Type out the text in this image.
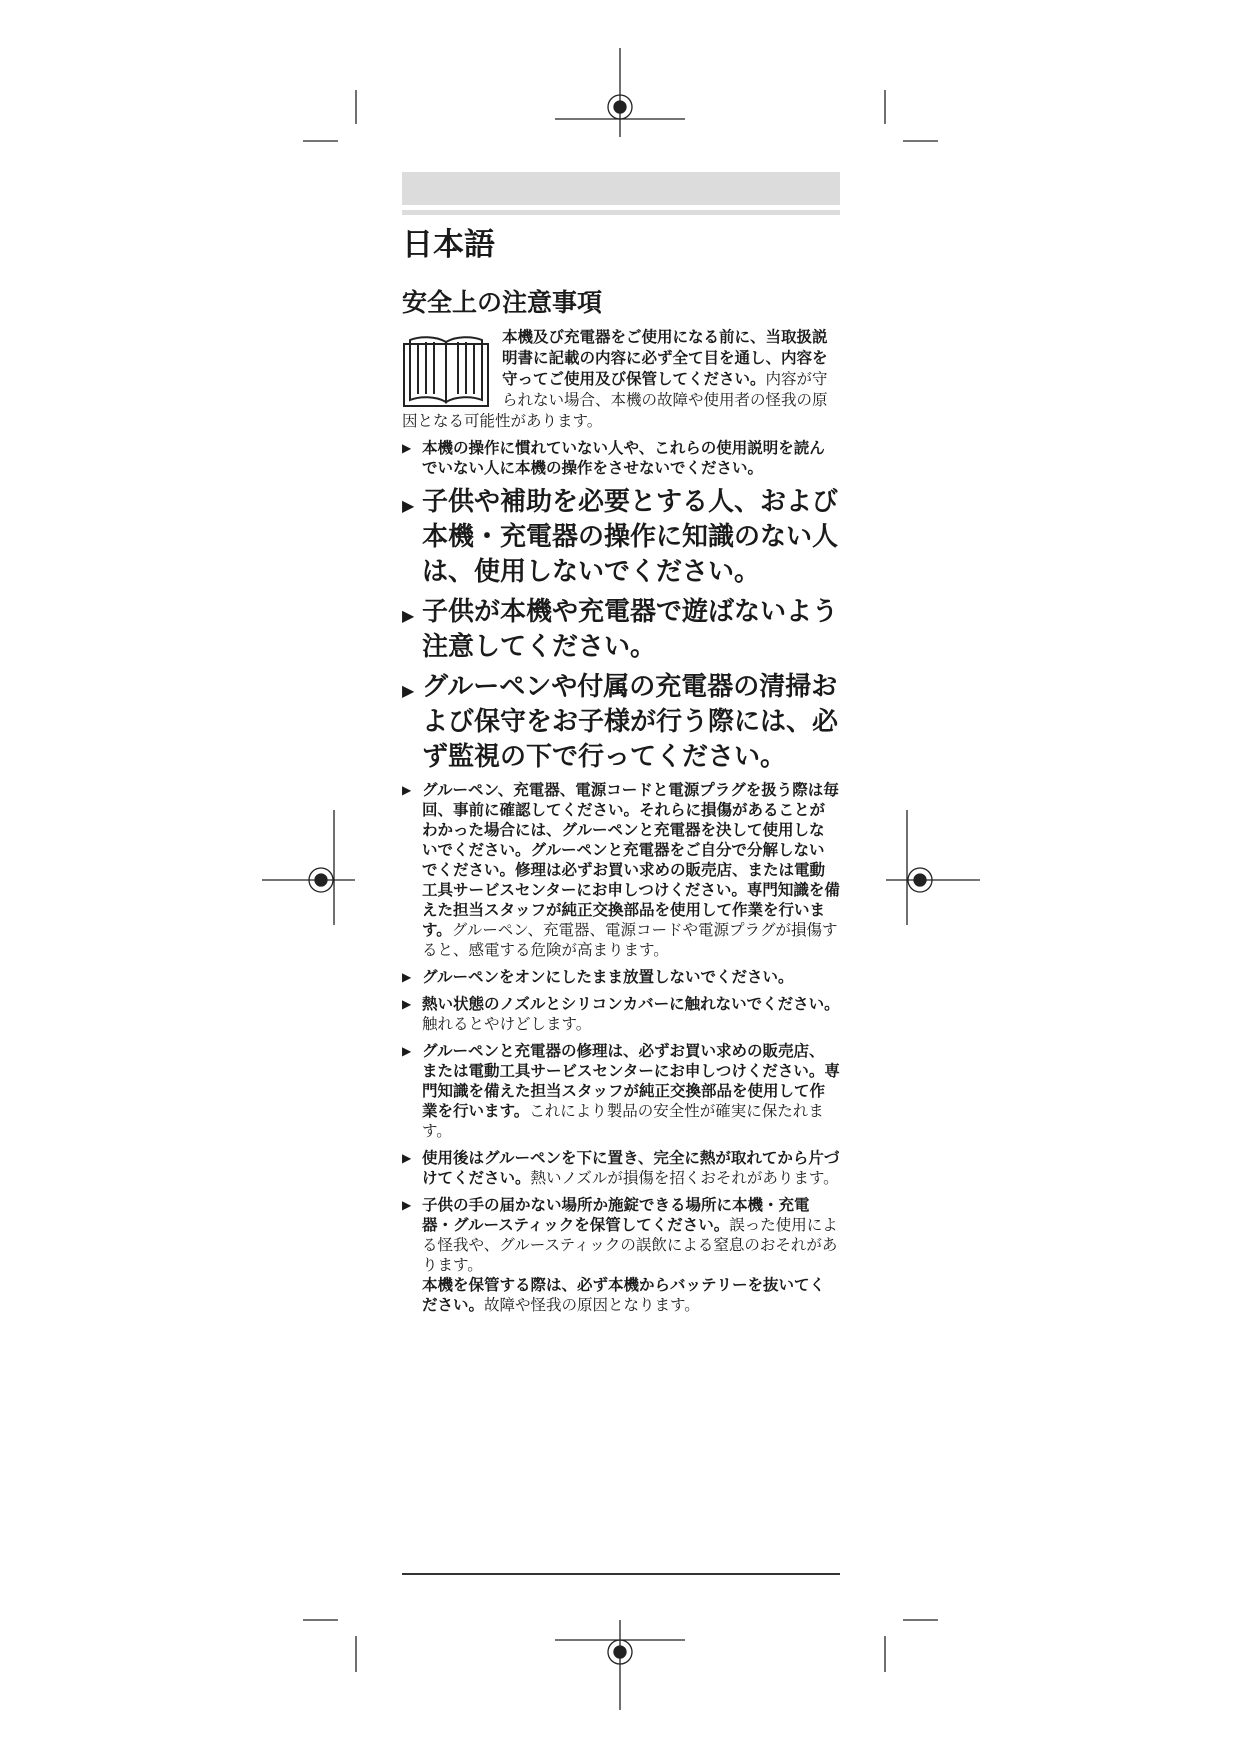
日本語
安全上の注意事項
本機及び充電器をご使用になる前に、当取扱説明書に記載の内容に必ず全て目を通し、内容を守ってご使用及び保管してください。内容が守られない場合、本機の故障や使用者の怪我の原因となる可能性があります。
▶ 本機の操作に慣れていない人や、これらの使用説明を読んでいない人に本機の操作をさせないでください。
▶ 子供や補助を必要とする人、および本機・充電器の操作に知識のない人は、使用しないでください。
▶ 子供が本機や充電器で遊ばないよう注意してください。
▶ グルーペンや付属の充電器の清掃および保守をお子様が行う際には、必ず監視の下で行ってください。
▶ グルーペン、充電器、電源コードと電源プラグを扱う際は毎回、事前に確認してください。それらに損傷があることがわかった場合には、グルーペンと充電器を決して使用しないでください。グルーペンと充電器をご自分で分解しないでください。修理は必ずお買い求めの販売店、または電動工具サービスセンターにお申しつけください。専門知識を備えた担当スタッフが純正交換部品を使用して作業を行います。グルーペン、充電器、電源コードや電源プラグが損傷すると、感電する危険が高まります。
▶ グルーペンをオンにしたまま放置しないでください。
▶ 熱い状態のノズルとシリコンカバーに触れないでください。触れるとやけどします。
▶ グルーペンと充電器の修理は、必ずお買い求めの販売店、または電動工具サービスセンターにお申しつけください。専門知識を備えた担当スタッフが純正交換部品を使用して作業を行います。これにより製品の安全性が確実に保たれます。
▶ 使用後はグルーペンを下に置き、完全に熱が取れてから片づけてください。熱いノズルが損傷を招くおそれがあります。
▶ 子供の手の届かない場所か施錠できる場所に本機・充電器・グルースティックを保管してください。誤った使用による怪我や、グルースティックの誤飲による窒息のおそれがあります。
本機を保管する際は、必ず本機からバッテリーを抜いてください。故障や怪我の原因となります。
